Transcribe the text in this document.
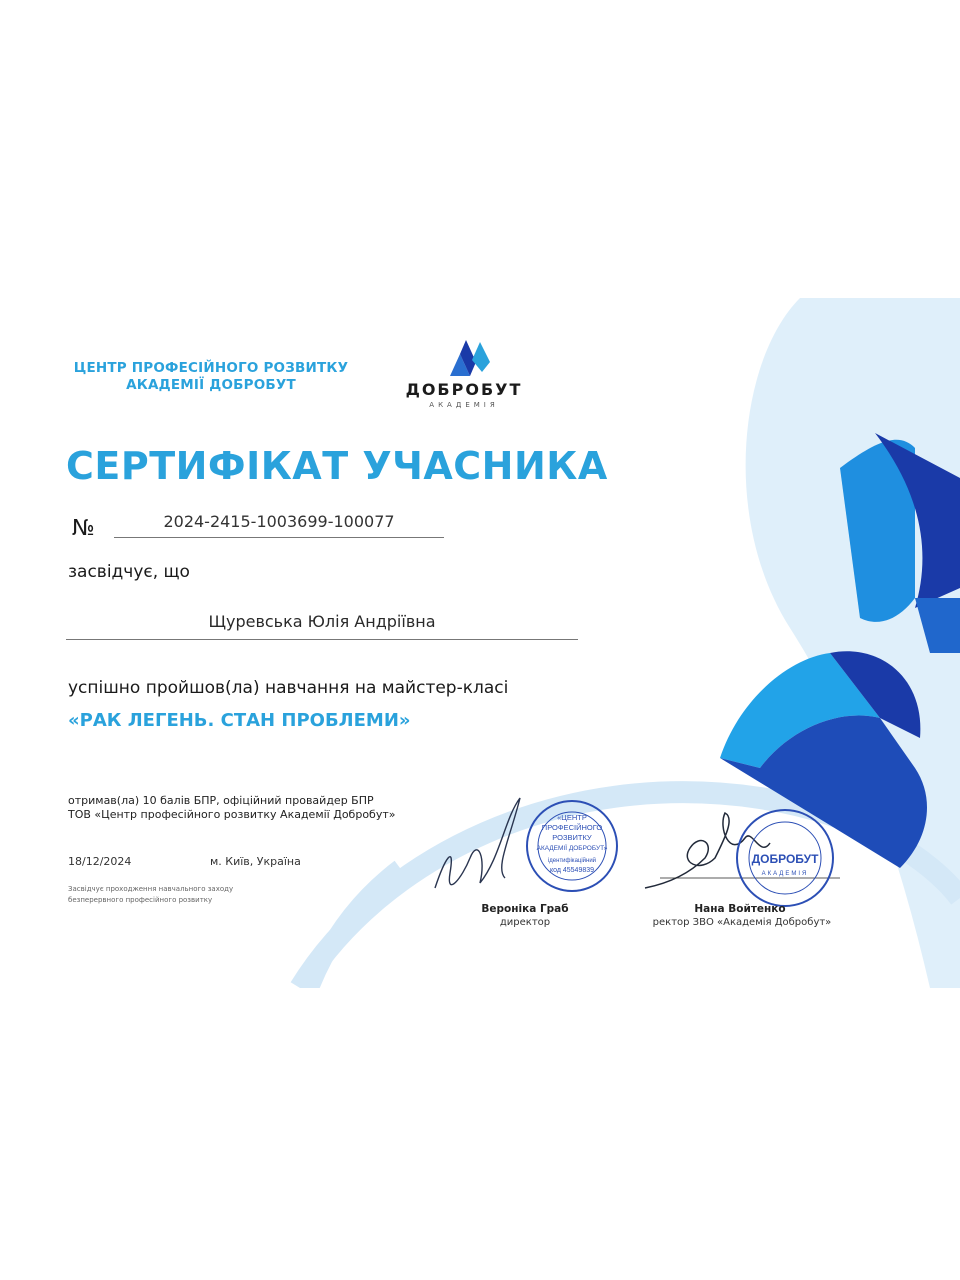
ЦЕНТР ПРОФЕСІЙНОГО РОЗВИТКУ
АКАДЕМІЇ ДОБРОБУТ	ДОБРОБУТ
АКАДЕМІЯ
СЕРТИФІКАТ УЧАСНИКА
№	2024-2415-1003699-100077
засвідчує, що
Щуревська Юлія Андріївна
успішно пройшов(ла) навчання на майстер-класі
«РАК ЛЕГЕНЬ. СТАН ПРОБЛЕМИ»
отримав(ла) 10 балів БПР, офіційний провайдер БПР
ТОВ «Центр професійного розвитку Академії Добробут»
18/12/2024	м. Київ, Україна
Засвідчує проходження навчального заходу
безперервного професійного розвитку
«ЦЕНТР
ПРОФЕСІЙНОГО
РОЗВИТКУ
АКАДЕМІЇ ДОБРОБУТ»
ідентифікаційний
код 45549839
ДОБРОБУТ
АКАДЕМІЯ
Вероніка Граб
директор
Нана Войтенко
ректор ЗВО «Академія Добробут»
